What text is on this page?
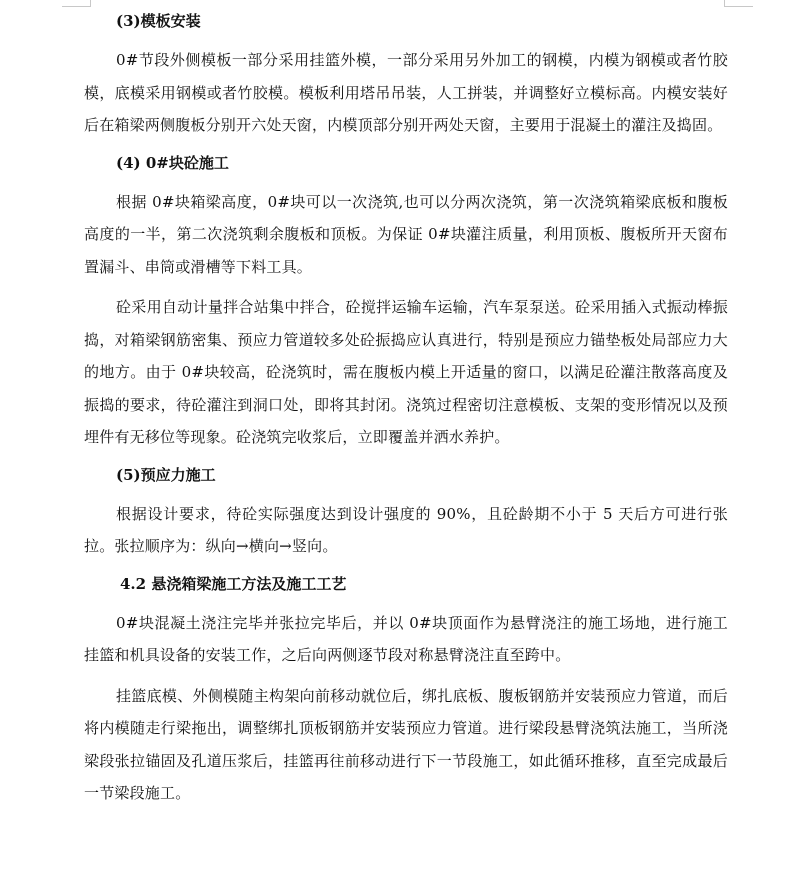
(3)模板安装

0#节段外侧模板一部分采用挂篮外模，一部分采用另外加工的钢模，内模为钢模或者竹胶模，底模采用钢模或者竹胶模。模板利用塔吊吊装，人工拼装，并调整好立模标高。内模安装好后在箱梁两侧腹板分别开六处天窗，内模顶部分别开两处天窗，主要用于混凝土的灌注及捣固。

(4) 0#块砼施工

根据 0#块箱梁高度，0#块可以一次浇筑,也可以分两次浇筑，第一次浇筑箱梁底板和腹板高度的一半，第二次浇筑剩余腹板和顶板。为保证 0#块灌注质量，利用顶板、腹板所开天窗布置漏斗、串筒或滑槽等下料工具。

砼采用自动计量拌合站集中拌合，砼搅拌运输车运输，汽车泵泵送。砼采用插入式振动棒振捣，对箱梁钢筋密集、预应力管道较多处砼振捣应认真进行，特别是预应力锚垫板处局部应力大的地方。由于 0#块较高，砼浇筑时，需在腹板内模上开适量的窗口，以满足砼灌注散落高度及振捣的要求，待砼灌注到洞口处，即将其封闭。浇筑过程密切注意模板、支架的变形情况以及预埋件有无移位等现象。砼浇筑完收浆后，立即覆盖并洒水养护。

(5)预应力施工

根据设计要求，待砼实际强度达到设计强度的 90%，且砼龄期不小于 5 天后方可进行张拉。张拉顺序为：纵向→横向→竖向。

4.2 悬浇箱梁施工方法及施工工艺

0#块混凝土浇注完毕并张拉完毕后，并以 0#块顶面作为悬臂浇注的施工场地，进行施工挂篮和机具设备的安装工作，之后向两侧逐节段对称悬臂浇注直至跨中。

挂篮底模、外侧模随主构架向前移动就位后，绑扎底板、腹板钢筋并安装预应力管道，而后将内模随走行梁拖出，调整绑扎顶板钢筋并安装预应力管道。进行梁段悬臂浇筑法施工，当所浇梁段张拉锚固及孔道压浆后，挂篮再往前移动进行下一节段施工，如此循环推移，直至完成最后一节梁段施工。
